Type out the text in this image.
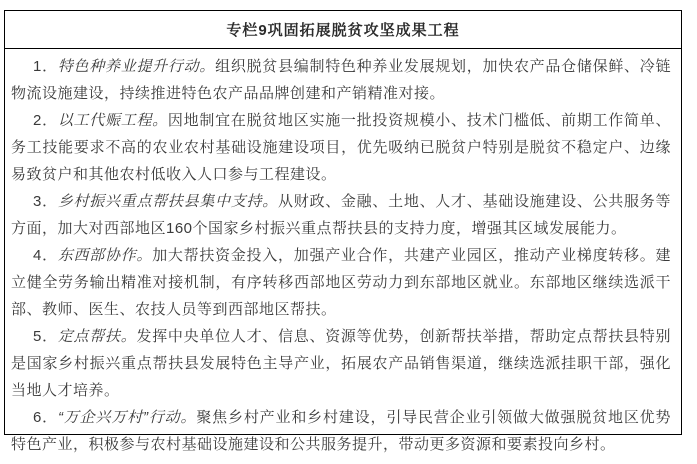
专栏9巩固拓展脱贫攻坚成果工程

1．特色种养业提升行动。组织脱贫县编制特色种养业发展规划，加快农产品仓储保鲜、冷链物流设施建设，持续推进特色农产品品牌创建和产销精准对接。

2．以工代赈工程。因地制宜在脱贫地区实施一批投资规模小、技术门槛低、前期工作简单、务工技能要求不高的农业农村基础设施建设项目，优先吸纳已脱贫户特别是脱贫不稳定户、边缘易致贫户和其他农村低收入人口参与工程建设。

3．乡村振兴重点帮扶县集中支持。从财政、金融、土地、人才、基础设施建设、公共服务等方面，加大对西部地区160个国家乡村振兴重点帮扶县的支持力度，增强其区域发展能力。

4．东西部协作。加大帮扶资金投入，加强产业合作，共建产业园区，推动产业梯度转移。建立健全劳务输出精准对接机制，有序转移西部地区劳动力到东部地区就业。东部地区继续选派干部、教师、医生、农技人员等到西部地区帮扶。

5．定点帮扶。发挥中央单位人才、信息、资源等优势，创新帮扶举措，帮助定点帮扶县特别是国家乡村振兴重点帮扶县发展特色主导产业，拓展农产品销售渠道，继续选派挂职干部，强化当地人才培养。

6．“万企兴万村”行动。聚焦乡村产业和乡村建设，引导民营企业引领做大做强脱贫地区优势特色产业，积极参与农村基础设施建设和公共服务提升，带动更多资源和要素投向乡村。
